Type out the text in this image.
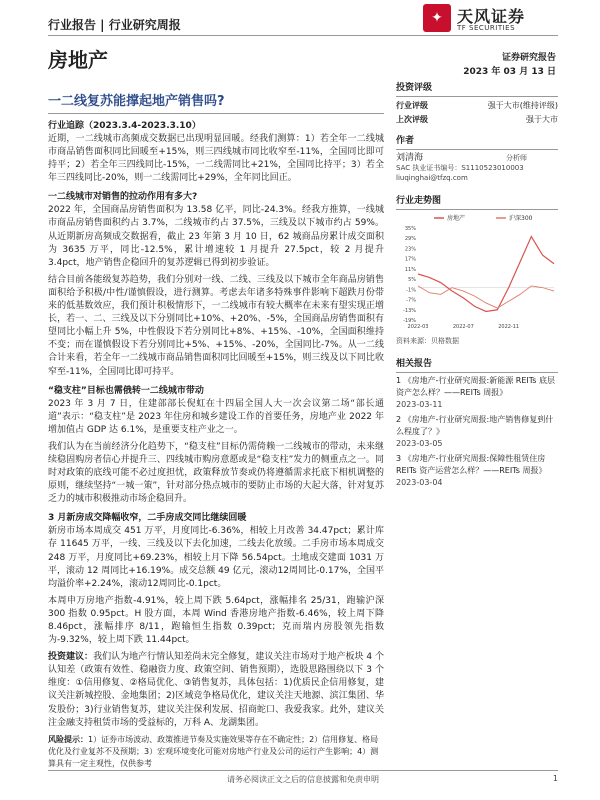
行业报告 | 行业研究周报	✦ 天风证券
TF SECURITIES
房地产	证券研究报告
2023 年 03 月 13 日
一二线复苏能撑起地产销售吗?
行业追踪（2023.3.4-2023.3.10）

近期，一二线城市高频成交数据已出现明显回暖。经我们测算：1）若全年一二线城市商品销售面积同比回暖至+15%，则三四线城市同比收窄至-11%，全国同比即可持平；2）若全年三四线同比-15%，一二线需同比+21%，全国同比持平；3）若全年三四线同比-20%，则一二线需同比+29%，全年同比回正。

一二线城市对销售的拉动作用有多大?

2022 年，全国商品房销售面积为 13.58 亿平，同比-24.3%。经我方推算，一线城市商品房销售面积约占 3.7%，二线城市约占 37.5%，三线及以下城市约占 59%。从近期新房高频成交数据看，截止 23 年第 3 月 10 日，62 城商品房累计成交面积为 3635 万平，同比-12.5%，累计增速较 1 月提升 27.5pct，较 2 月提升 3.4pct，地产销售企稳回升的复苏逻辑已得到初步验证。

结合目前各能级复苏趋势，我们分别对一线、二线、三线及以下城市全年商品房销售面积给予积极/中性/谨慎假设，进行测算。考虑去年诸多特殊事件影响下超跌月份带来的低基数效应，我们预计积极情形下，一二线城市有较大概率在未来有望实现正增长，若一、二、三线及以下分别同比+10%、+20%、-5%，全国商品房销售面积有望同比小幅上升 5%，中性假设下若分别同比+8%、+15%、-10%，全国面积维持不变；而在谨慎假设下若分别同比+5%、+15%、-20%，全国同比-7%。从一二线合计来看，若全年一二线城市商品销售面积同比回暖至+15%，则三线及以下同比收窄至-11%，全国同比即可持平。

“稳支柱”目标也需俄转一二线城市带动

2023 年 3 月 7 日，住建部部长倪虹在十四届全国人大一次会议第二场“部长通道”表示：“稳支柱”是 2023 年住房和城乡建设工作的首要任务，房地产业 2022 年增加值占 GDP 达 6.1%，是重要支柱产业之一。

我们认为在当前经济分化趋势下，“稳支柱”目标仍需倚赖一二线城市的带动，未来继续稳固购房者信心并提升三、四线城市购房意愿或是“稳支柱”发力的侧重点之一。同时对政策的底线可能不必过度担忧，政策释放节奏或仍将遵循需求托底下相机调整的原则，继续坚持“一城一策”，针对部分热点城市的要防止市场的大起大落，针对复苏乏力的城市积极推动市场企稳回升。

3 月新房成交降幅收窄，二手房成交同比继续回暖

新房市场本周成交 451 万平，月度同比-6.36%，相较上月改善 34.47pct；累计库存 11645 万平，一线、三线及以下去化加速，二线去化放缓。二手房市场本周成交 248 万平，月度同比+69.23%，相较上月下降 56.54pct。土地成交建面 1031 万平，滚动 12 周同比+16.19%。成交总额 49 亿元，滚动12周同比-0.17%，全国平均溢价率+2.24%，滚动12周同比-0.1pct。

本周申万房地产指数-4.91%，较上周下跌 5.64pct，涨幅排名 25/31，跑输沪深 300 指数 0.95pct。H 股方面，本周 Wind 香港房地产指数-6.46%，较上周下降 8.46pct，涨幅排序 8/11，跑输恒生指数 0.39pct；克而瑞内房股领先指数为-9.32%，较上周下跌 11.44pct。

投资建议：我们认为地产行情认知差尚未完全修复，建议关注市场对于地产板块 4 个认知差（政策有效性、稳融资力度、政策空间、销售预期），选股思路围绕以下 3 个维度：①信用修复、②格局优化、③销售复苏，具体包括：1)优质民企信用修复，建议关注新城控股、金地集团；2)区域竞争格局优化，建议关注天地源、滨江集团、华发股份；3)行业销售复苏，建议关注保利发展、招商蛇口、我爱我家。此外，建议关注金融支持租赁市场的受益标的，万科 A、龙湖集团。

风险提示：1）证券市场波动、政策推进节奏及实施效果等存在不确定性；2）信用修复、格局优化及行业复苏不及预期；3）宏观环境变化可能对房地产行业及公司的运行产生影响；4）测算具有一定主观性，仅供参考
投资评级
行业评级	强于大市(维持评级)
上次评级	强于大市
作者
刘清海	分析师
SAC 执业证书编号：S1110523010003
liuqinghai@tfzq.com
行业走势图
35%
29%
23%
17%
11%
5%
-1%
-7%
-13%
-19%
2022-03	2022-07	2022-11
房地产	沪深300
资料来源：贝格数据
相关报告
1 《房地产-行业研究周报:新能源 REITs 底层资产怎么样？——REITs 周报》
2023-03-11
2 《房地产-行业研究周报:地产销售修复到什么程度了？》
2023-03-05
3 《房地产-行业研究周报:保障性租赁住房 REITs 资产运营怎么样？——REITs 周报》
2023-03-04
请务必阅读正文之后的信息披露和免责申明	1
